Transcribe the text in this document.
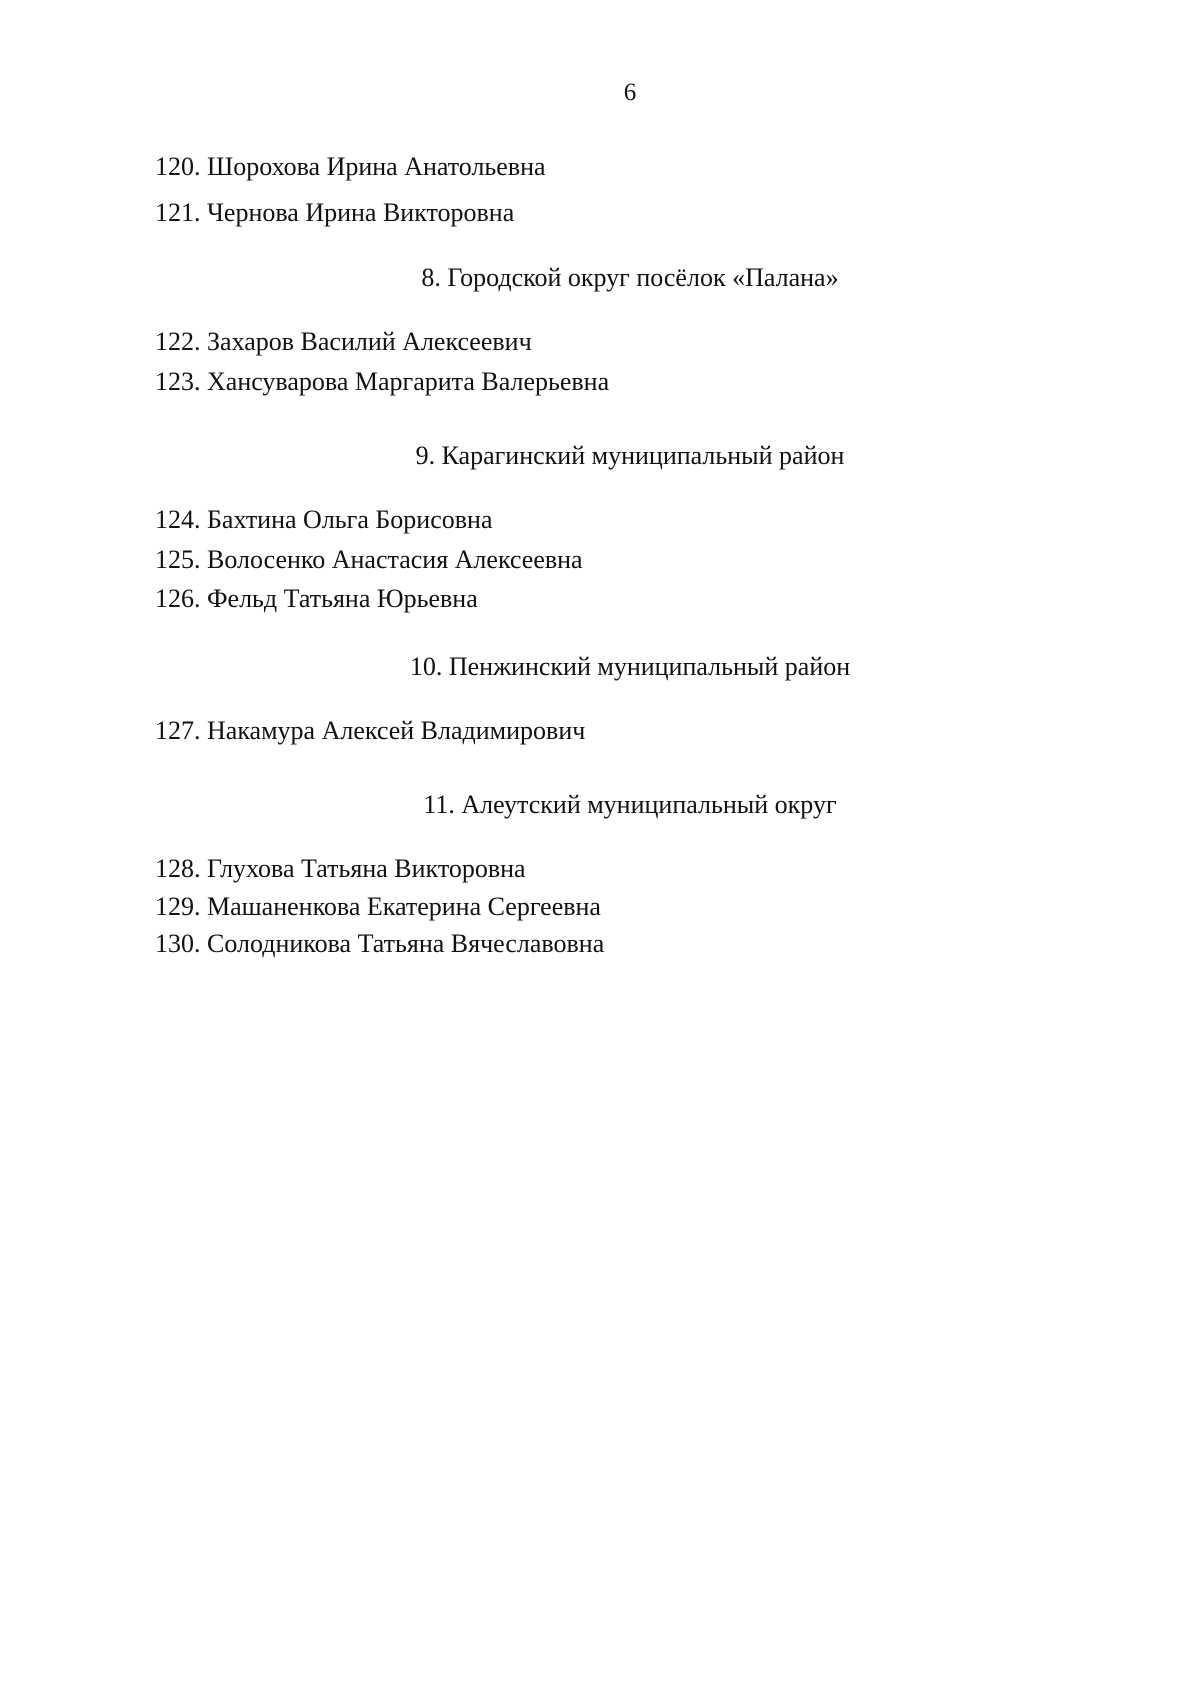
6
120. Шорохова Ирина Анатольевна
121. Чернова Ирина Викторовна
8. Городской округ посёлок «Палана»
122. Захаров Василий Алексеевич
123. Хансуварова Маргарита Валерьевна
9. Карагинский муниципальный район
124. Бахтина Ольга Борисовна
125. Волосенко Анастасия Алексеевна
126. Фельд Татьяна Юрьевна
10. Пенжинский муниципальный район
127. Накамура Алексей Владимирович
11. Алеутский муниципальный округ
128. Глухова Татьяна Викторовна
129. Машаненкова Екатерина Сергеевна
130. Солодникова Татьяна Вячеславовна
